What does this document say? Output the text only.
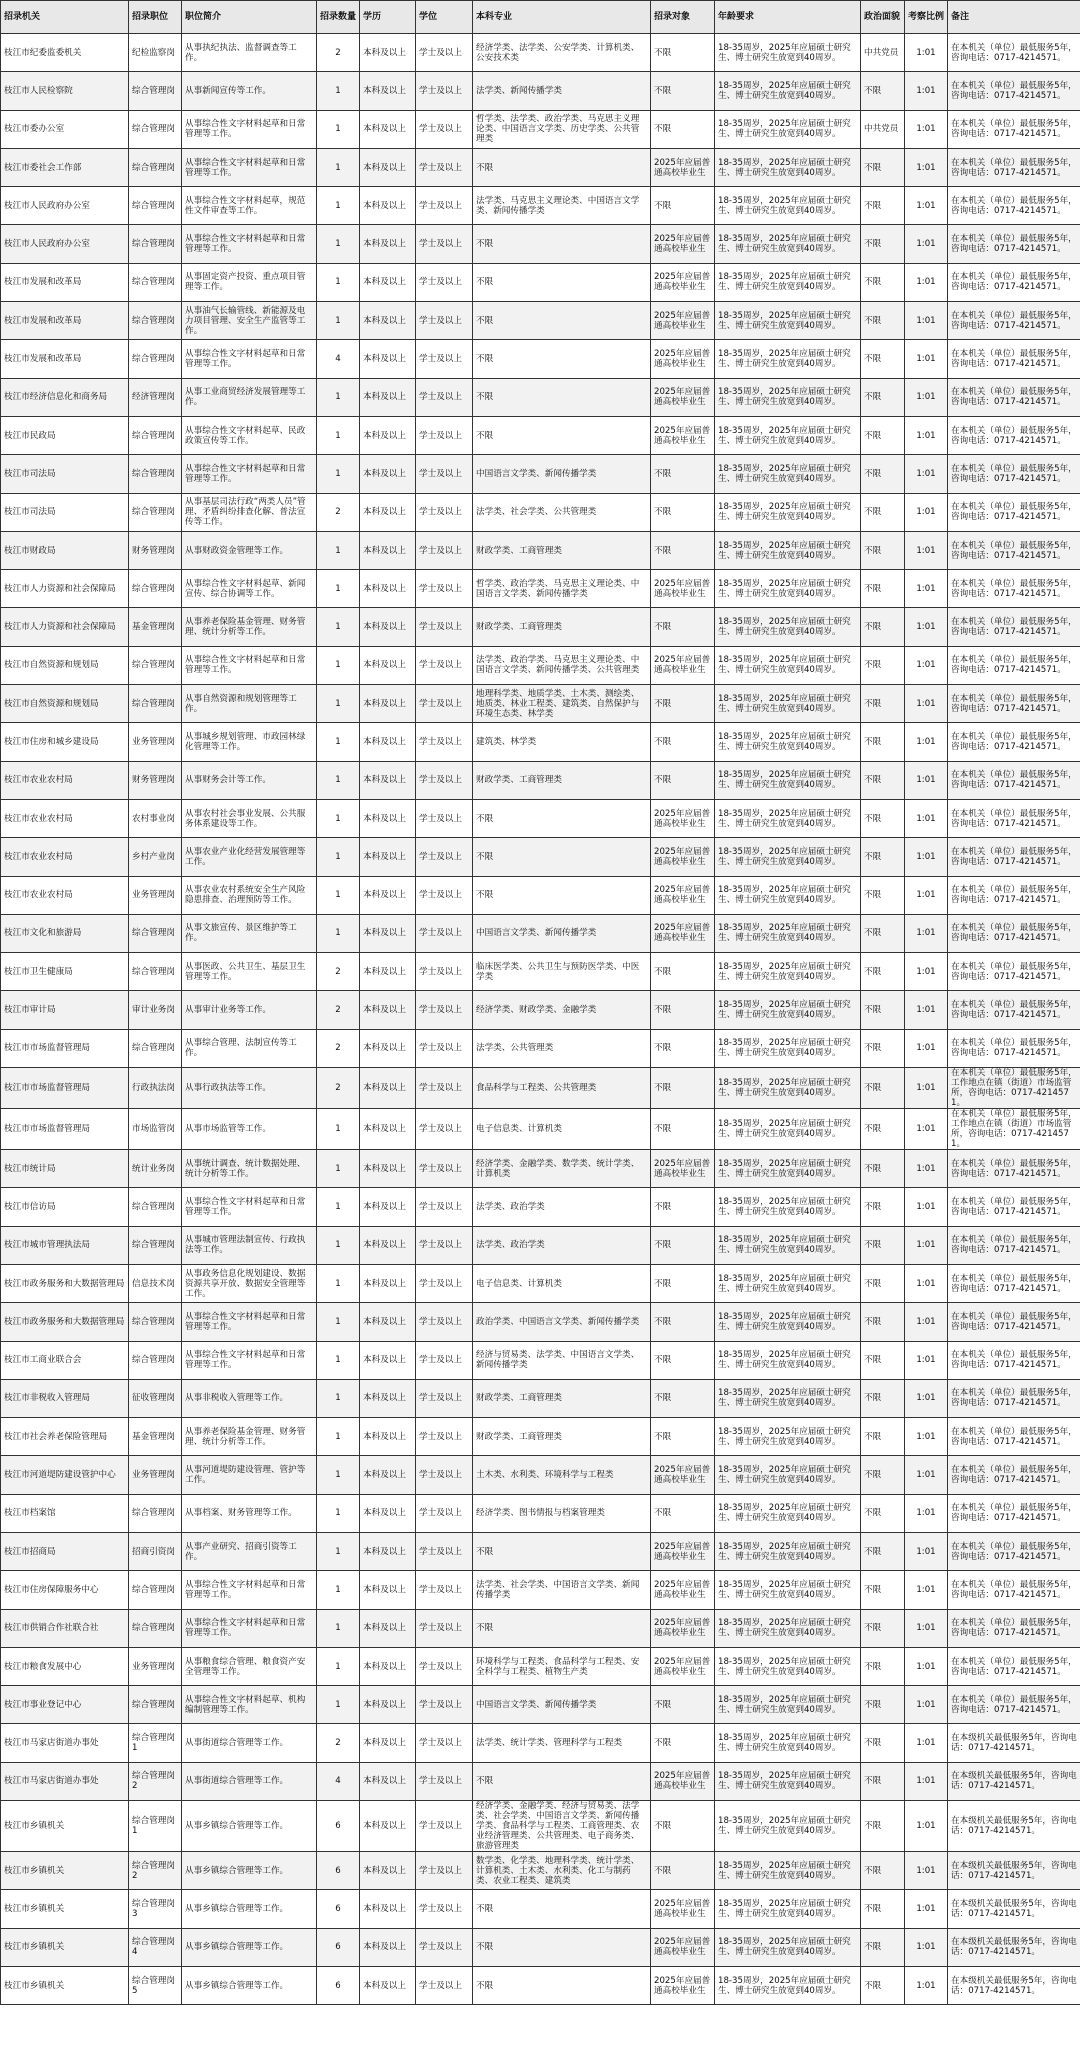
招录机关	招录职位	职位简介	招录数量	学历	学位	本科专业	招录对象	年龄要求	政治面貌	考察比例	备注
枝江市纪委监委机关	纪检监察岗	从事执纪执法、监督调查等工作。	2	本科及以上	学士及以上	经济学类、法学类、公安学类、计算机类、公安技术类	不限	18-35周岁，2025年应届硕士研究生、博士研究生放宽到40周岁。	中共党员	1:01	在本机关（单位）最低服务5年，咨询电话：0717-4214571。
枝江市人民检察院	综合管理岗	从事新闻宣传等工作。	1	本科及以上	学士及以上	法学类、新闻传播学类	不限	18-35周岁，2025年应届硕士研究生、博士研究生放宽到40周岁。	不限	1:01	在本机关（单位）最低服务5年，咨询电话：0717-4214571。
枝江市委办公室	综合管理岗	从事综合性文字材料起草和日常管理等工作。	1	本科及以上	学士及以上	哲学类、法学类、政治学类、马克思主义理论类、中国语言文学类、历史学类、公共管理类	不限	18-35周岁，2025年应届硕士研究生、博士研究生放宽到40周岁。	中共党员	1:01	在本机关（单位）最低服务5年，咨询电话：0717-4214571。
枝江市委社会工作部	综合管理岗	从事综合性文字材料起草和日常管理等工作。	1	本科及以上	学士及以上	不限	2025年应届普通高校毕业生	18-35周岁，2025年应届硕士研究生、博士研究生放宽到40周岁。	不限	1:01	在本机关（单位）最低服务5年，咨询电话：0717-4214571。
枝江市人民政府办公室	综合管理岗	从事综合性文字材料起草，规范性文件审查等工作。	1	本科及以上	学士及以上	法学类、马克思主义理论类、中国语言文学类、新闻传播学类	不限	18-35周岁，2025年应届硕士研究生、博士研究生放宽到40周岁。	不限	1:01	在本机关（单位）最低服务5年，咨询电话：0717-4214571。
枝江市人民政府办公室	综合管理岗	从事综合性文字材料起草和日常管理等工作。	1	本科及以上	学士及以上	不限	2025年应届普通高校毕业生	18-35周岁，2025年应届硕士研究生、博士研究生放宽到40周岁。	不限	1:01	在本机关（单位）最低服务5年，咨询电话：0717-4214571。
枝江市发展和改革局	综合管理岗	从事固定资产投资、重点项目管理等工作。	1	本科及以上	学士及以上	不限	2025年应届普通高校毕业生	18-35周岁，2025年应届硕士研究生、博士研究生放宽到40周岁。	不限	1:01	在本机关（单位）最低服务5年，咨询电话：0717-4214571。
枝江市发展和改革局	综合管理岗	从事油气长输管线、新能源及电力项目管理、安全生产监管等工作。	1	本科及以上	学士及以上	不限	2025年应届普通高校毕业生	18-35周岁，2025年应届硕士研究生、博士研究生放宽到40周岁。	不限	1:01	在本机关（单位）最低服务5年，咨询电话：0717-4214571。
枝江市发展和改革局	综合管理岗	从事综合性文字材料起草和日常管理等工作。	4	本科及以上	学士及以上	不限	2025年应届普通高校毕业生	18-35周岁，2025年应届硕士研究生、博士研究生放宽到40周岁。	不限	1:01	在本机关（单位）最低服务5年，咨询电话：0717-4214571。
枝江市经济信息化和商务局	经济管理岗	从事工业商贸经济发展管理等工作。	1	本科及以上	学士及以上	不限	2025年应届普通高校毕业生	18-35周岁，2025年应届硕士研究生、博士研究生放宽到40周岁。	不限	1:01	在本机关（单位）最低服务5年，咨询电话：0717-4214571。
枝江市民政局	综合管理岗	从事综合性文字材料起草、民政政策宣传等工作。	1	本科及以上	学士及以上	不限	2025年应届普通高校毕业生	18-35周岁，2025年应届硕士研究生、博士研究生放宽到40周岁。	不限	1:01	在本机关（单位）最低服务5年，咨询电话：0717-4214571。
枝江市司法局	综合管理岗	从事综合性文字材料起草和日常管理等工作。	1	本科及以上	学士及以上	中国语言文学类、新闻传播学类	不限	18-35周岁，2025年应届硕士研究生、博士研究生放宽到40周岁。	不限	1:01	在本机关（单位）最低服务5年，咨询电话：0717-4214571。
枝江市司法局	综合管理岗	从事基层司法行政“两类人员”管理、矛盾纠纷排查化解、普法宣传等工作。	2	本科及以上	学士及以上	法学类、社会学类、公共管理类	不限	18-35周岁，2025年应届硕士研究生、博士研究生放宽到40周岁。	不限	1:01	在本机关（单位）最低服务5年，咨询电话：0717-4214571。
枝江市财政局	财务管理岗	从事财政资金管理等工作。	1	本科及以上	学士及以上	财政学类、工商管理类	不限	18-35周岁，2025年应届硕士研究生、博士研究生放宽到40周岁。	不限	1:01	在本机关（单位）最低服务5年，咨询电话：0717-4214571。
枝江市人力资源和社会保障局	综合管理岗	从事综合性文字材料起草、新闻宣传、综合协调等工作。	1	本科及以上	学士及以上	哲学类、政治学类、马克思主义理论类、中国语言文学类、新闻传播学类	2025年应届普通高校毕业生	18-35周岁，2025年应届硕士研究生、博士研究生放宽到40周岁。	不限	1:01	在本机关（单位）最低服务5年，咨询电话：0717-4214571。
枝江市人力资源和社会保障局	基金管理岗	从事养老保险基金管理、财务管理、统计分析等工作。	1	本科及以上	学士及以上	财政学类、工商管理类	不限	18-35周岁，2025年应届硕士研究生、博士研究生放宽到40周岁。	不限	1:01	在本机关（单位）最低服务5年，咨询电话：0717-4214571。
枝江市自然资源和规划局	综合管理岗	从事综合性文字材料起草和日常管理等工作。	1	本科及以上	学士及以上	法学类、政治学类、马克思主义理论类、中国语言文学类、新闻传播学类、公共管理类	2025年应届普通高校毕业生	18-35周岁，2025年应届硕士研究生、博士研究生放宽到40周岁。	不限	1:01	在本机关（单位）最低服务5年，咨询电话：0717-4214571。
枝江市自然资源和规划局	综合管理岗	从事自然资源和规划管理等工作。	1	本科及以上	学士及以上	地理科学类、地质学类、土木类、测绘类、地质类、林业工程类、建筑类、自然保护与环境生态类、林学类	不限	18-35周岁，2025年应届硕士研究生、博士研究生放宽到40周岁。	不限	1:01	在本机关（单位）最低服务5年，咨询电话：0717-4214571。
枝江市住房和城乡建设局	业务管理岗	从事城乡规划管理、市政园林绿化管理等工作。	1	本科及以上	学士及以上	建筑类、林学类	不限	18-35周岁，2025年应届硕士研究生、博士研究生放宽到40周岁。	不限	1:01	在本机关（单位）最低服务5年，咨询电话：0717-4214571。
枝江市农业农村局	财务管理岗	从事财务会计等工作。	1	本科及以上	学士及以上	财政学类、工商管理类	不限	18-35周岁，2025年应届硕士研究生、博士研究生放宽到40周岁。	不限	1:01	在本机关（单位）最低服务5年，咨询电话：0717-4214571。
枝江市农业农村局	农村事业岗	从事农村社会事业发展、公共服务体系建设等工作。	1	本科及以上	学士及以上	不限	2025年应届普通高校毕业生	18-35周岁，2025年应届硕士研究生、博士研究生放宽到40周岁。	不限	1:01	在本机关（单位）最低服务5年，咨询电话：0717-4214571。
枝江市农业农村局	乡村产业岗	从事农业产业化经营发展管理等工作。	1	本科及以上	学士及以上	不限	2025年应届普通高校毕业生	18-35周岁，2025年应届硕士研究生、博士研究生放宽到40周岁。	不限	1:01	在本机关（单位）最低服务5年，咨询电话：0717-4214571。
枝江市农业农村局	业务管理岗	从事农业农村系统安全生产风险隐患排查、治理预防等工作。	1	本科及以上	学士及以上	不限	2025年应届普通高校毕业生	18-35周岁，2025年应届硕士研究生、博士研究生放宽到40周岁。	不限	1:01	在本机关（单位）最低服务5年，咨询电话：0717-4214571。
枝江市文化和旅游局	综合管理岗	从事文旅宣传、景区维护等工作。	1	本科及以上	学士及以上	中国语言文学类、新闻传播学类	2025年应届普通高校毕业生	18-35周岁，2025年应届硕士研究生、博士研究生放宽到40周岁。	不限	1:01	在本机关（单位）最低服务5年，咨询电话：0717-4214571。
枝江市卫生健康局	综合管理岗	从事医政、公共卫生、基层卫生管理等工作。	2	本科及以上	学士及以上	临床医学类、公共卫生与预防医学类、中医学类	不限	18-35周岁，2025年应届硕士研究生、博士研究生放宽到40周岁。	不限	1:01	在本机关（单位）最低服务5年，咨询电话：0717-4214571。
枝江市审计局	审计业务岗	从事审计业务等工作。	2	本科及以上	学士及以上	经济学类、财政学类、金融学类	不限	18-35周岁，2025年应届硕士研究生、博士研究生放宽到40周岁。	不限	1:01	在本机关（单位）最低服务5年，咨询电话：0717-4214571。
枝江市市场监督管理局	综合管理岗	从事综合管理、法制宣传等工作。	2	本科及以上	学士及以上	法学类、公共管理类	不限	18-35周岁，2025年应届硕士研究生、博士研究生放宽到40周岁。	不限	1:01	在本机关（单位）最低服务5年，咨询电话：0717-4214571。
枝江市市场监督管理局	行政执法岗	从事行政执法等工作。	2	本科及以上	学士及以上	食品科学与工程类、公共管理类	不限	18-35周岁，2025年应届硕士研究生、博士研究生放宽到40周岁。	不限	1:01	在本机关（单位）最低服务5年，工作地点在镇（街道）市场监管所，咨询电话：0717-4214571。
枝江市市场监督管理局	市场监管岗	从事市场监管等工作。	1	本科及以上	学士及以上	电子信息类、计算机类	不限	18-35周岁，2025年应届硕士研究生、博士研究生放宽到40周岁。	不限	1:01	在本机关（单位）最低服务5年，工作地点在镇（街道）市场监管所，咨询电话：0717-4214571。
枝江市统计局	统计业务岗	从事统计调查、统计数据处理、统计分析等工作。	1	本科及以上	学士及以上	经济学类、金融学类、数学类、统计学类、计算机类	2025年应届普通高校毕业生	18-35周岁，2025年应届硕士研究生、博士研究生放宽到40周岁。	不限	1:01	在本机关（单位）最低服务5年，咨询电话：0717-4214571。
枝江市信访局	综合管理岗	从事综合性文字材料起草和日常管理等工作。	1	本科及以上	学士及以上	法学类、政治学类	不限	18-35周岁，2025年应届硕士研究生、博士研究生放宽到40周岁。	不限	1:01	在本机关（单位）最低服务5年，咨询电话：0717-4214571。
枝江市城市管理执法局	综合管理岗	从事城市管理法制宣传、行政执法等工作。	1	本科及以上	学士及以上	法学类、政治学类	不限	18-35周岁，2025年应届硕士研究生、博士研究生放宽到40周岁。	不限	1:01	在本机关（单位）最低服务5年，咨询电话：0717-4214571。
枝江市政务服务和大数据管理局	信息技术岗	从事政务信息化规划建设、数据资源共享开放、数据安全管理等工作。	1	本科及以上	学士及以上	电子信息类、计算机类	不限	18-35周岁，2025年应届硕士研究生、博士研究生放宽到40周岁。	不限	1:01	在本机关（单位）最低服务5年，咨询电话：0717-4214571。
枝江市政务服务和大数据管理局	综合管理岗	从事综合性文字材料起草和日常管理等工作。	1	本科及以上	学士及以上	政治学类、中国语言文学类、新闻传播学类	不限	18-35周岁，2025年应届硕士研究生、博士研究生放宽到40周岁。	不限	1:01	在本机关（单位）最低服务5年，咨询电话：0717-4214571。
枝江市工商业联合会	综合管理岗	从事综合性文字材料起草和日常管理等工作。	1	本科及以上	学士及以上	经济与贸易类、法学类、中国语言文学类、新闻传播学类	不限	18-35周岁，2025年应届硕士研究生、博士研究生放宽到40周岁。	不限	1:01	在本机关（单位）最低服务5年，咨询电话：0717-4214571。
枝江市非税收入管理局	征收管理岗	从事非税收入管理等工作。	1	本科及以上	学士及以上	财政学类、工商管理类	不限	18-35周岁，2025年应届硕士研究生、博士研究生放宽到40周岁。	不限	1:01	在本机关（单位）最低服务5年，咨询电话：0717-4214571。
枝江市社会养老保险管理局	基金管理岗	从事养老保险基金管理、财务管理、统计分析等工作。	1	本科及以上	学士及以上	财政学类、工商管理类	不限	18-35周岁，2025年应届硕士研究生、博士研究生放宽到40周岁。	不限	1:01	在本机关（单位）最低服务5年，咨询电话：0717-4214571。
枝江市河道堤防建设管护中心	业务管理岗	从事河道堤防建设管理、管护等工作。	1	本科及以上	学士及以上	土木类、水利类、环境科学与工程类	2025年应届普通高校毕业生	18-35周岁，2025年应届硕士研究生、博士研究生放宽到40周岁。	不限	1:01	在本机关（单位）最低服务5年，咨询电话：0717-4214571。
枝江市档案馆	综合管理岗	从事档案、财务管理等工作。	1	本科及以上	学士及以上	经济学类、图书情报与档案管理类	不限	18-35周岁，2025年应届硕士研究生、博士研究生放宽到40周岁。	不限	1:01	在本机关（单位）最低服务5年，咨询电话：0717-4214571。
枝江市招商局	招商引资岗	从事产业研究、招商引资等工作。	1	本科及以上	学士及以上	不限	2025年应届普通高校毕业生	18-35周岁，2025年应届硕士研究生、博士研究生放宽到40周岁。	不限	1:01	在本机关（单位）最低服务5年，咨询电话：0717-4214571。
枝江市住房保障服务中心	综合管理岗	从事综合性文字材料起草和日常管理等工作。	1	本科及以上	学士及以上	法学类、社会学类、中国语言文学类、新闻传播学类	2025年应届普通高校毕业生	18-35周岁，2025年应届硕士研究生、博士研究生放宽到40周岁。	不限	1:01	在本机关（单位）最低服务5年，咨询电话：0717-4214571。
枝江市供销合作社联合社	综合管理岗	从事综合性文字材料起草和日常管理等工作。	1	本科及以上	学士及以上	不限	2025年应届普通高校毕业生	18-35周岁，2025年应届硕士研究生、博士研究生放宽到40周岁。	不限	1:01	在本机关（单位）最低服务5年，咨询电话：0717-4214571。
枝江市粮食发展中心	业务管理岗	从事粮食综合管理、粮食资产安全管理等工作。	1	本科及以上	学士及以上	环境科学与工程类、食品科学与工程类、安全科学与工程类、植物生产类	2025年应届普通高校毕业生	18-35周岁，2025年应届硕士研究生、博士研究生放宽到40周岁。	不限	1:01	在本机关（单位）最低服务5年，咨询电话：0717-4214571。
枝江市事业登记中心	综合管理岗	从事综合性文字材料起草、机构编制管理等工作。	1	本科及以上	学士及以上	中国语言文学类、新闻传播学类	不限	18-35周岁，2025年应届硕士研究生、博士研究生放宽到40周岁。	不限	1:01	在本机关（单位）最低服务5年，咨询电话：0717-4214571。
枝江市马家店街道办事处	综合管理岗1	从事街道综合管理等工作。	2	本科及以上	学士及以上	法学类、统计学类、管理科学与工程类	不限	18-35周岁，2025年应届硕士研究生、博士研究生放宽到40周岁。	不限	1:01	在本级机关最低服务5年，咨询电话：0717-4214571。
枝江市马家店街道办事处	综合管理岗2	从事街道综合管理等工作。	4	本科及以上	学士及以上	不限	2025年应届普通高校毕业生	18-35周岁，2025年应届硕士研究生、博士研究生放宽到40周岁。	不限	1:01	在本级机关最低服务5年，咨询电话：0717-4214571。
枝江市乡镇机关	综合管理岗1	从事乡镇综合管理等工作。	6	本科及以上	学士及以上	经济学类、金融学类、经济与贸易类、法学类、社会学类、中国语言文学类、新闻传播学类、食品科学与工程类、工商管理类、农业经济管理类、公共管理类、电子商务类、旅游管理类	不限	18-35周岁，2025年应届硕士研究生、博士研究生放宽到40周岁。	不限	1:01	在本级机关最低服务5年，咨询电话：0717-4214571。
枝江市乡镇机关	综合管理岗2	从事乡镇综合管理等工作。	6	本科及以上	学士及以上	数学类、化学类、地理科学类、统计学类、计算机类、土木类、水利类、化工与制药类、农业工程类、建筑类	不限	18-35周岁，2025年应届硕士研究生、博士研究生放宽到40周岁。	不限	1:01	在本级机关最低服务5年，咨询电话：0717-4214571。
枝江市乡镇机关	综合管理岗3	从事乡镇综合管理等工作。	6	本科及以上	学士及以上	不限	2025年应届普通高校毕业生	18-35周岁，2025年应届硕士研究生、博士研究生放宽到40周岁。	不限	1:01	在本级机关最低服务5年，咨询电话：0717-4214571。
枝江市乡镇机关	综合管理岗4	从事乡镇综合管理等工作。	6	本科及以上	学士及以上	不限	2025年应届普通高校毕业生	18-35周岁，2025年应届硕士研究生、博士研究生放宽到40周岁。	不限	1:01	在本级机关最低服务5年，咨询电话：0717-4214571。
枝江市乡镇机关	综合管理岗5	从事乡镇综合管理等工作。	6	本科及以上	学士及以上	不限	2025年应届普通高校毕业生	18-35周岁，2025年应届硕士研究生、博士研究生放宽到40周岁。	不限	1:01	在本级机关最低服务5年，咨询电话：0717-4214571。
